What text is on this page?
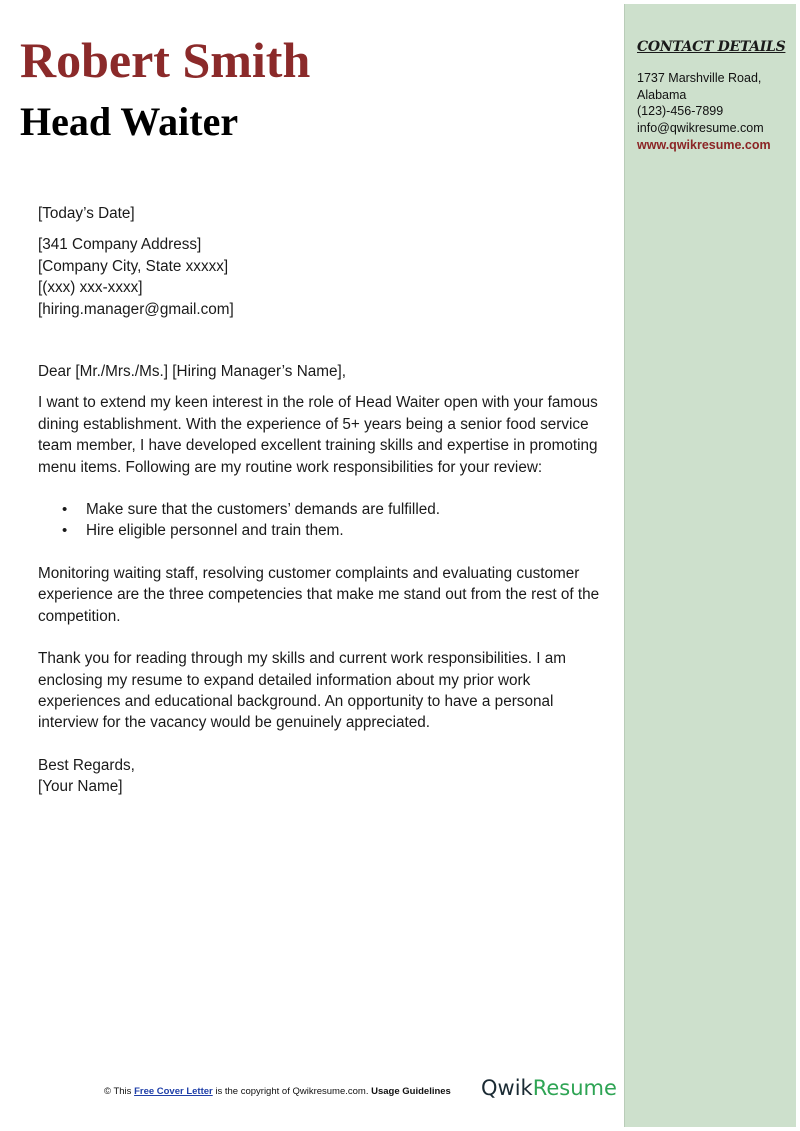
Robert Smith
Head Waiter
CONTACT DETAILS
1737 Marshville Road,
Alabama
(123)-456-7899
info@qwikresume.com
www.qwikresume.com

[Today’s Date]

[341 Company Address]

[Company City, State xxxxx]

[(xxx) xxx-xxxx]

[hiring.manager@gmail.com]

Dear [Mr./Mrs./Ms.] [Hiring Manager’s Name],

I want to extend my keen interest in the role of Head Waiter open with your famous dining establishment. With the experience of 5+ years being a senior food service team member, I have developed excellent training skills and expertise in promoting menu items. Following are my routine work responsibilities for your review:

• Make sure that the customers’ demands are fulfilled.
• Hire eligible personnel and train them.

Monitoring waiting staff, resolving customer complaints and evaluating customer experience are the three competencies that make me stand out from the rest of the competition.

Thank you for reading through my skills and current work responsibilities. I am enclosing my resume to expand detailed information about my prior work experiences and educational background. An opportunity to have a personal interview for the vacancy would be genuinely appreciated.

Best Regards,

[Your Name]

© This Free Cover Letter is the copyright of Qwikresume.com. Usage Guidelines QwikResume
